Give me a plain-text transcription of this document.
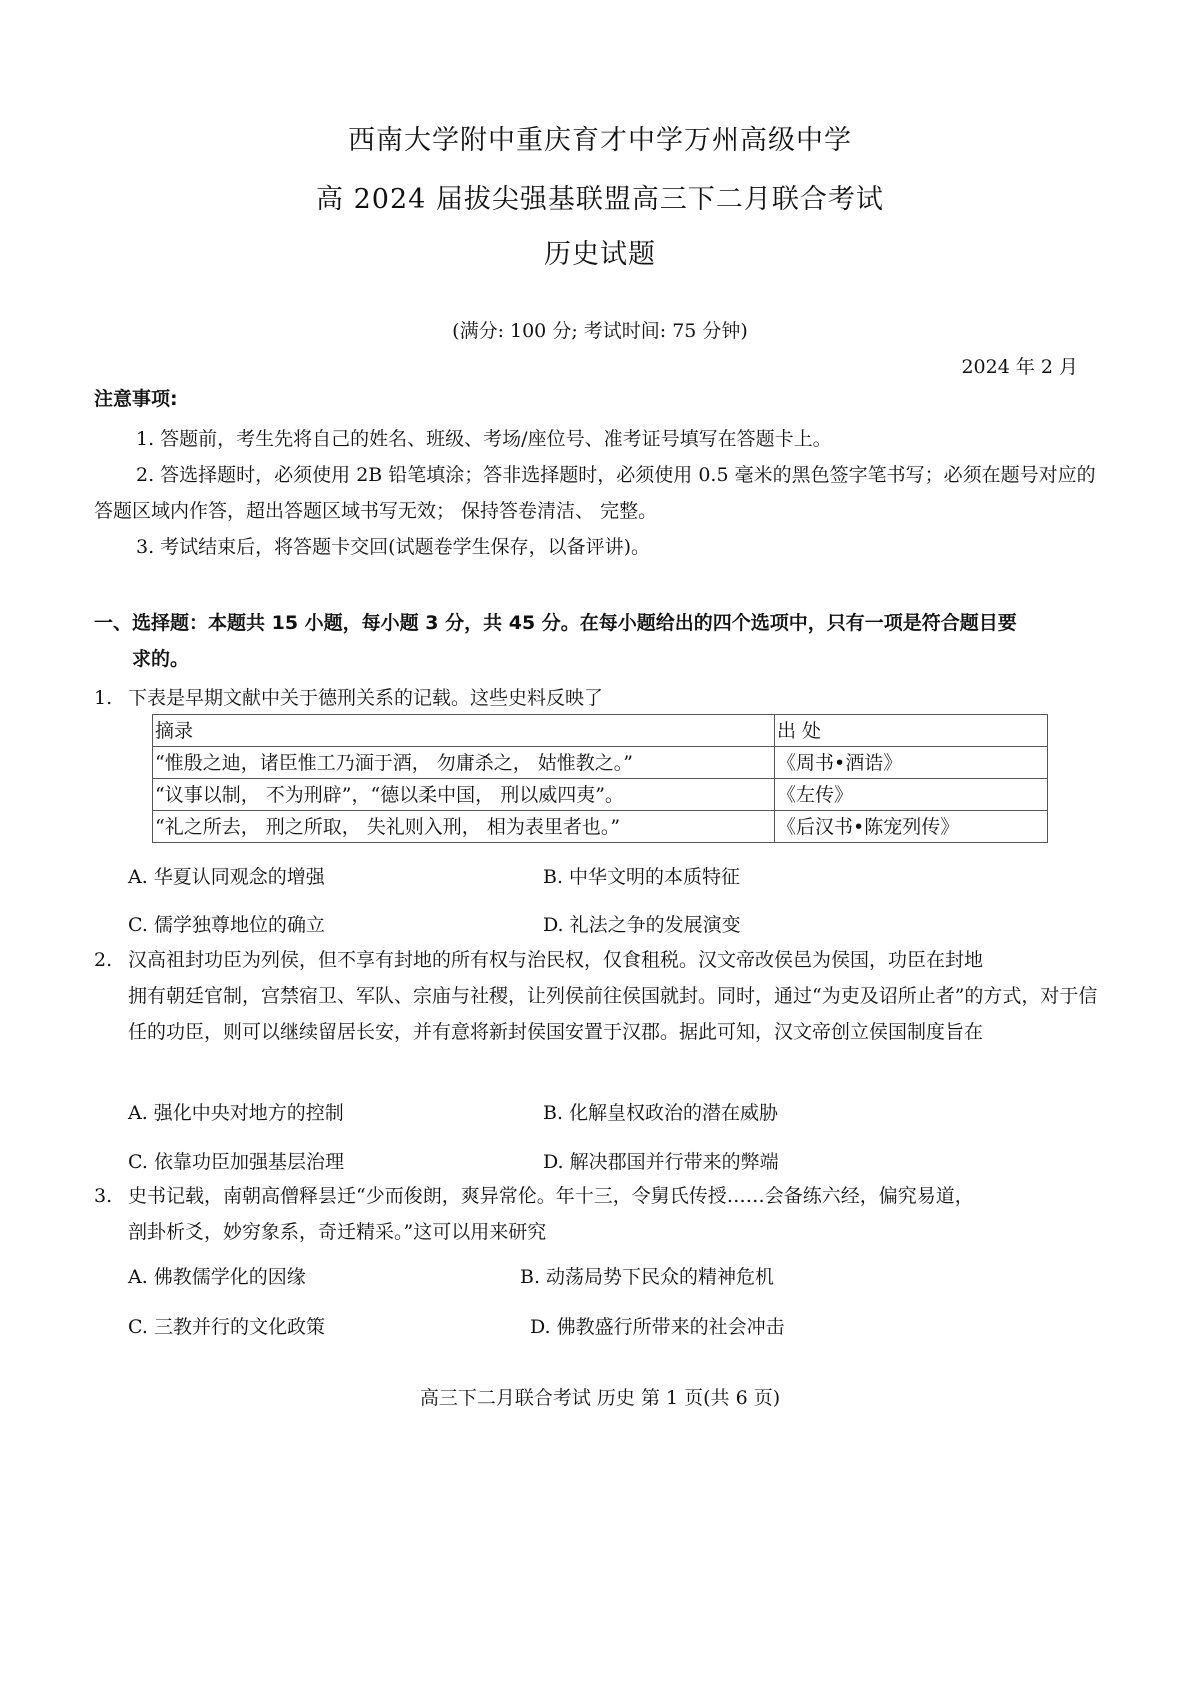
西南大学附中重庆育才中学万州高级中学
高 2024 届拔尖强基联盟高三下二月联合考试
历史试题
(满分: 100 分; 考试时间: 75 分钟)
2024 年 2 月
注意事项:
1. 答题前，考生先将自己的姓名、班级、考场/座位号、准考证号填写在答题卡上。
2. 答选择题时，必须使用 2B 铅笔填涂；答非选择题时，必须使用 0.5 毫米的黑色签字笔书写；必须在题号对应的答题区域内作答，超出答题区域书写无效； 保持答卷清洁、 完整。
3. 考试结束后，将答题卡交回(试题卷学生保存，以备评讲)。
一、选择题：本题共 15 小题，每小题 3 分，共 45 分。在每小题给出的四个选项中，只有一项是符合题目要
求的。
1. 下表是早期文献中关于德刑关系的记载。这些史料反映了
摘录	出 处
“惟殷之迪，诸臣惟工乃湎于酒， 勿庸杀之， 姑惟教之。”	《周书•酒诰》
“议事以制， 不为刑辟”，“德以柔中国， 刑以威四夷”。	《左传》
“礼之所去， 刑之所取， 失礼则入刑， 相为表里者也。”	《后汉书•陈宠列传》
A. 华夏认同观念的增强	B. 中华文明的本质特征
C. 儒学独尊地位的确立	D. 礼法之争的发展演变
2. 汉高祖封功臣为列侯，但不享有封地的所有权与治民权，仅食租税。汉文帝改侯邑为侯国，功臣在封地
拥有朝廷官制，宫禁宿卫、军队、宗庙与社稷，让列侯前往侯国就封。同时，通过“为吏及诏所止者”的方式，对于信任的功臣，则可以继续留居长安，并有意将新封侯国安置于汉郡。据此可知，汉文帝创立侯国制度旨在
A. 强化中央对地方的控制	B. 化解皇权政治的潜在威胁
C. 依靠功臣加强基层治理	D. 解决郡国并行带来的弊端
3. 史书记载，南朝高僧释昙迁“少而俊朗，爽异常伦。年十三，令舅氏传授……会备练六经，偏究易道，
剖卦析爻，妙穷象系，奇迁精采。”这可以用来研究
A. 佛教儒学化的因缘	B. 动荡局势下民众的精神危机
C. 三教并行的文化政策	D. 佛教盛行所带来的社会冲击
高三下二月联合考试 历史 第 1 页(共 6 页)
